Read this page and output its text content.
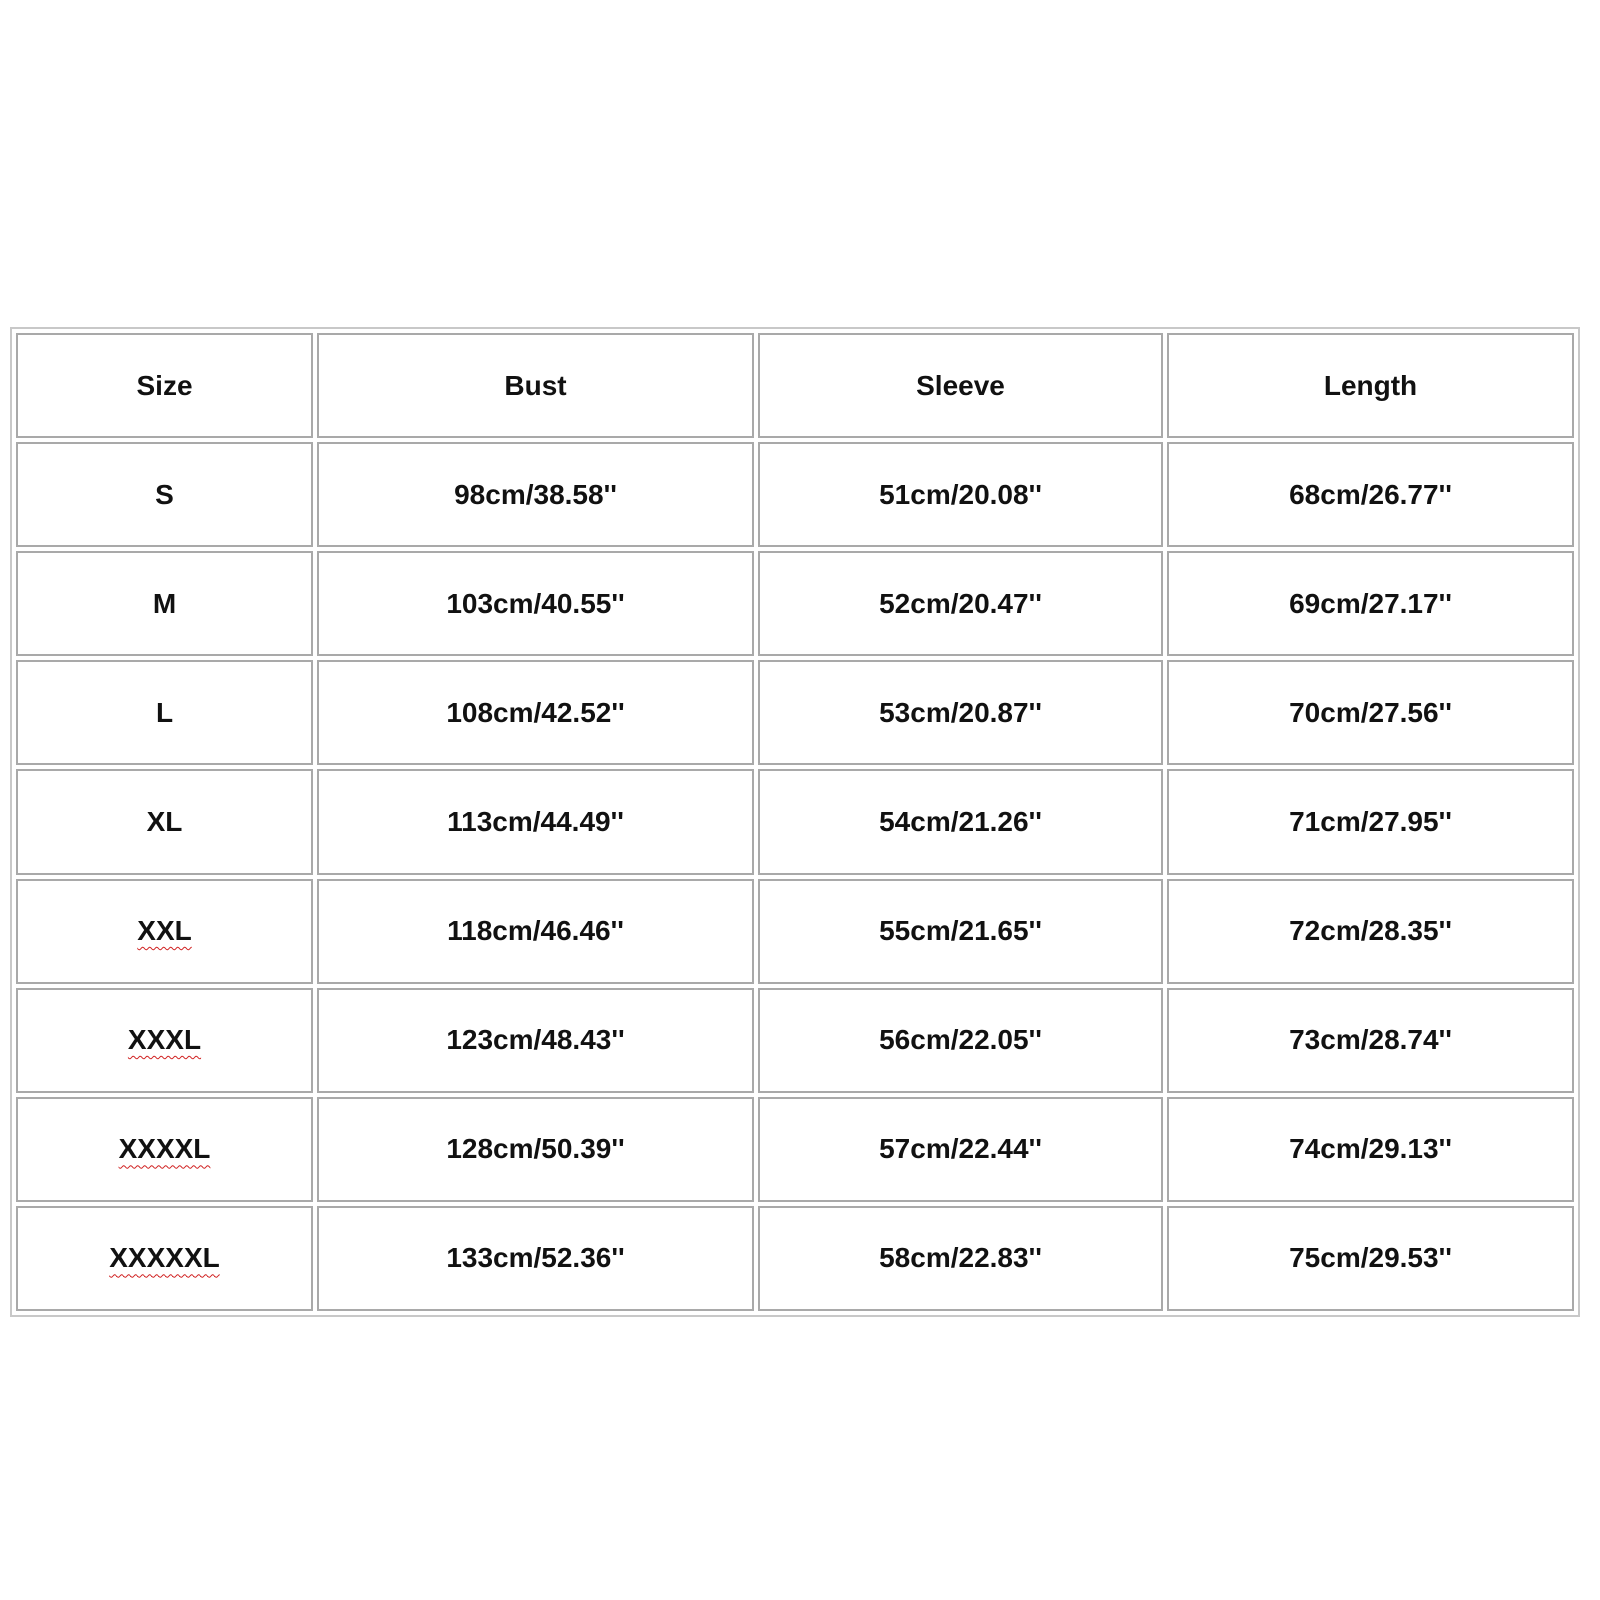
Size	Bust	Sleeve	Length
S	98cm/38.58''	51cm/20.08''	68cm/26.77''
M	103cm/40.55''	52cm/20.47''	69cm/27.17''
L	108cm/42.52''	53cm/20.87''	70cm/27.56''
XL	113cm/44.49''	54cm/21.26''	71cm/27.95''
XXL	118cm/46.46''	55cm/21.65''	72cm/28.35''
XXXL	123cm/48.43''	56cm/22.05''	73cm/28.74''
XXXXL	128cm/50.39''	57cm/22.44''	74cm/29.13''
XXXXXL	133cm/52.36''	58cm/22.83''	75cm/29.53''
